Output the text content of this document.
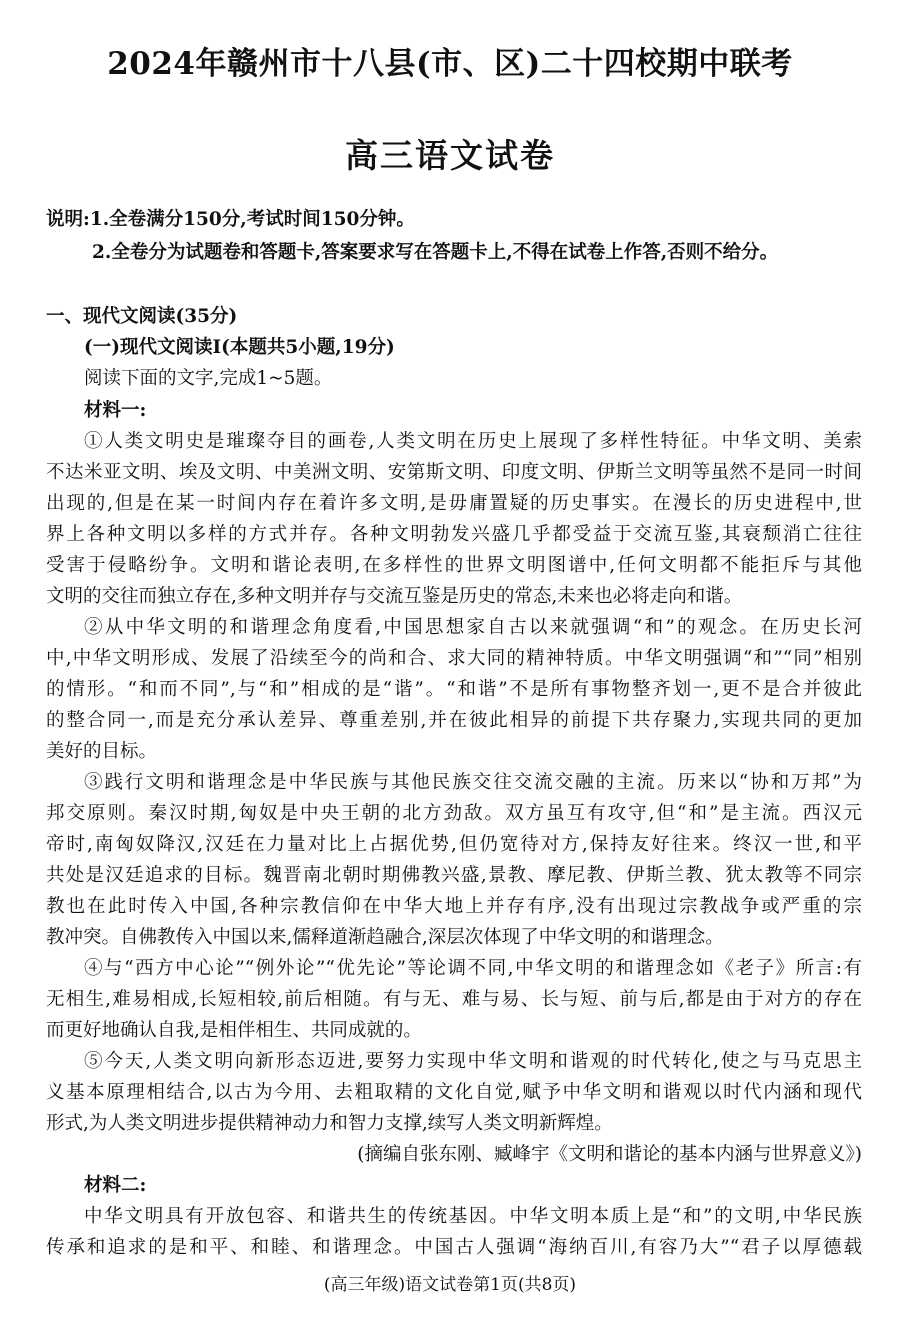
2024年赣州市十八县(市、区)二十四校期中联考
高三语文试卷
说明:1.全卷满分150分,考试时间150分钟。
2.全卷分为试题卷和答题卡,答案要求写在答题卡上,不得在试卷上作答,否则不给分。
一、现代文阅读(35分)
(一)现代文阅读Ⅰ(本题共5小题,19分)
阅读下面的文字,完成1~5题。
材料一:
①人类文明史是璀璨夺目的画卷,人类文明在历史上展现了多样性特征。中华文明、美索
不达米亚文明、埃及文明、中美洲文明、安第斯文明、印度文明、伊斯兰文明等虽然不是同一时间
出现的,但是在某一时间内存在着许多文明,是毋庸置疑的历史事实。在漫长的历史进程中,世
界上各种文明以多样的方式并存。各种文明勃发兴盛几乎都受益于交流互鉴,其衰颓消亡往往
受害于侵略纷争。文明和谐论表明,在多样性的世界文明图谱中,任何文明都不能拒斥与其他
文明的交往而独立存在,多种文明并存与交流互鉴是历史的常态,未来也必将走向和谐。
②从中华文明的和谐理念角度看,中国思想家自古以来就强调“和”的观念。在历史长河
中,中华文明形成、发展了沿续至今的尚和合、求大同的精神特质。中华文明强调“和”“同”相别
的情形。“和而不同”,与“和”相成的是“谐”。“和谐”不是所有事物整齐划一,更不是合并彼此
的整合同一,而是充分承认差异、尊重差别,并在彼此相异的前提下共存聚力,实现共同的更加
美好的目标。
③践行文明和谐理念是中华民族与其他民族交往交流交融的主流。历来以“协和万邦”为
邦交原则。秦汉时期,匈奴是中央王朝的北方劲敌。双方虽互有攻守,但“和”是主流。西汉元
帝时,南匈奴降汉,汉廷在力量对比上占据优势,但仍宽待对方,保持友好往来。终汉一世,和平
共处是汉廷追求的目标。魏晋南北朝时期佛教兴盛,景教、摩尼教、伊斯兰教、犹太教等不同宗
教也在此时传入中国,各种宗教信仰在中华大地上并存有序,没有出现过宗教战争或严重的宗
教冲突。自佛教传入中国以来,儒释道渐趋融合,深层次体现了中华文明的和谐理念。
④与“西方中心论”“例外论”“优先论”等论调不同,中华文明的和谐理念如《老子》所言:有
无相生,难易相成,长短相较,前后相随。有与无、难与易、长与短、前与后,都是由于对方的存在
而更好地确认自我,是相伴相生、共同成就的。
⑤今天,人类文明向新形态迈进,要努力实现中华文明和谐观的时代转化,使之与马克思主
义基本原理相结合,以古为今用、去粗取精的文化自觉,赋予中华文明和谐观以时代内涵和现代
形式,为人类文明进步提供精神动力和智力支撑,续写人类文明新辉煌。
(摘编自张东刚、臧峰宇《文明和谐论的基本内涵与世界意义》)
材料二:
中华文明具有开放包容、和谐共生的传统基因。中华文明本质上是“和”的文明,中华民族
传承和追求的是和平、和睦、和谐理念。中国古人强调“海纳百川,有容乃大”“君子以厚德载
(高三年级)语文试卷第1页(共8页)
